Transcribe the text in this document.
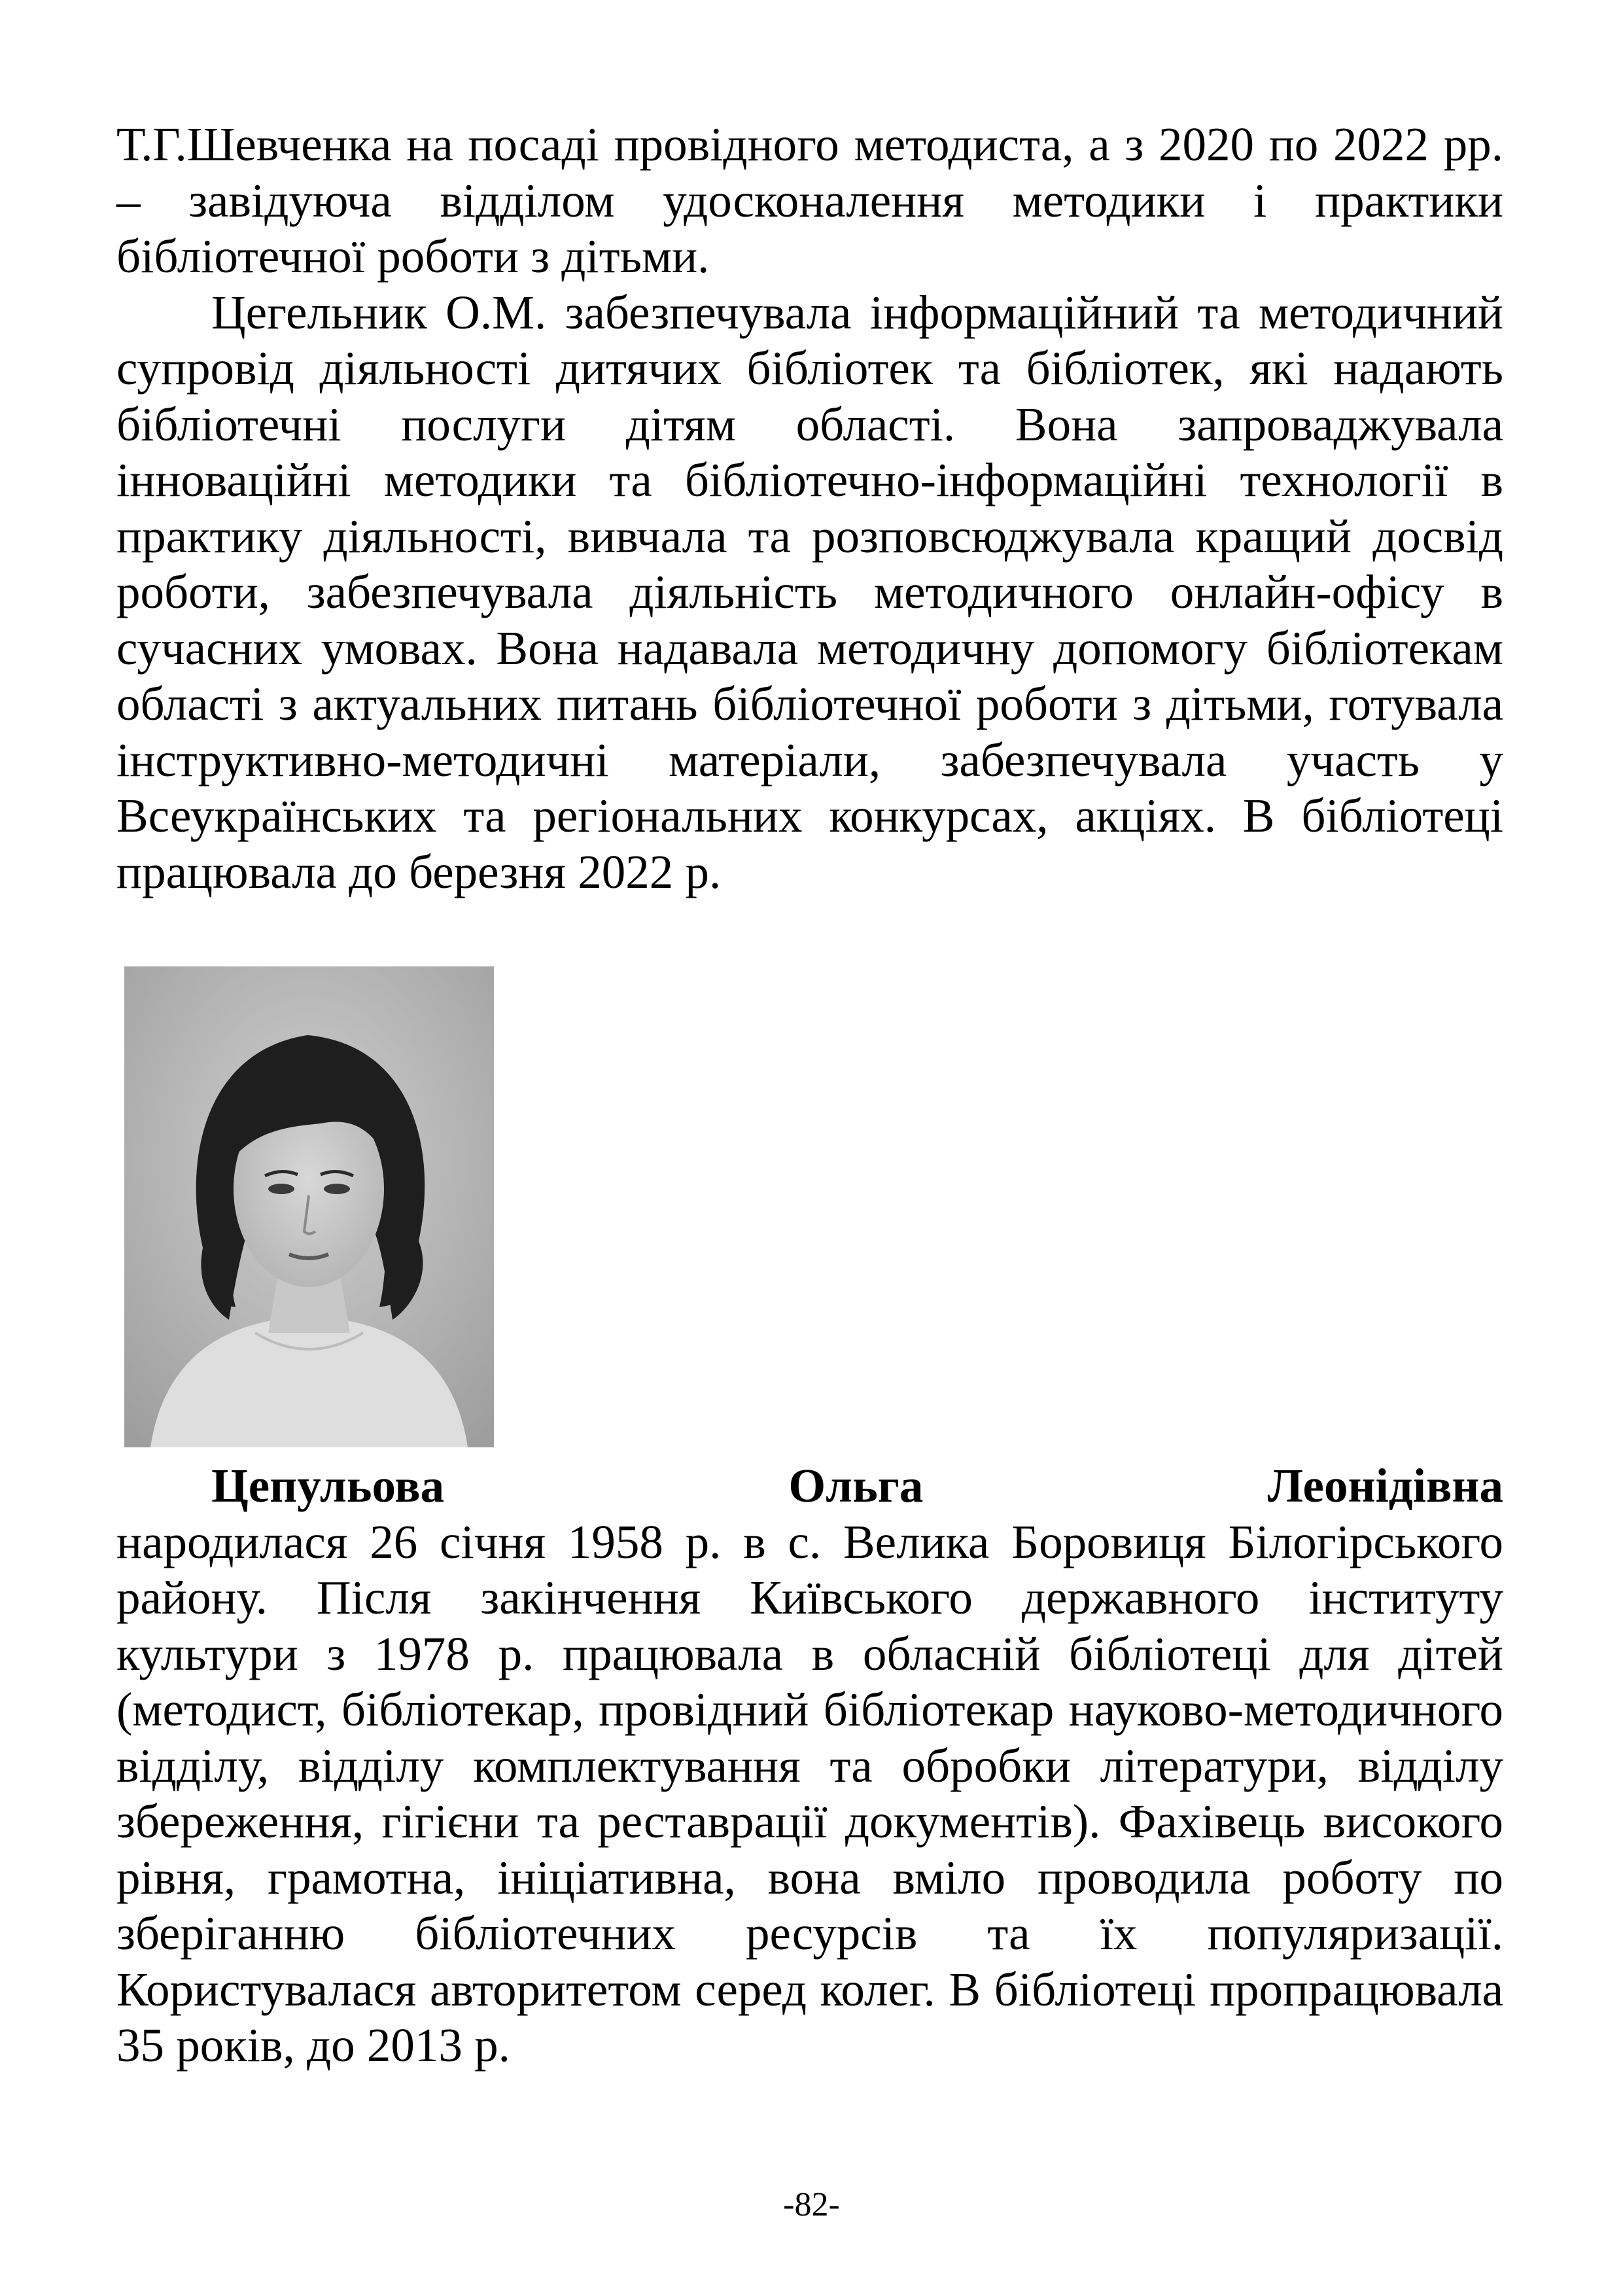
Т.Г.Шевченка на посаді провідного методиста, а з 2020 по 2022 рр. – завідуюча відділом удосконалення методики і практики бібліотечної роботи з дітьми.

Цегельник О.М. забезпечувала інформаційний та методичний супровід діяльності дитячих бібліотек та бібліотек, які надають бібліотечні послуги дітям області. Вона запроваджувала інноваційні методики та бібліотечно-інформаційні технології в практику діяльності, вивчала та розповсюджувала кращий досвід роботи, забезпечувала діяльність методичного онлайн-офісу в сучасних умовах. Вона надавала методичну допомогу бібліотекам області з актуальних питань бібліотечної роботи з дітьми, готувала інструктивно-методичні матеріали, забезпечувала участь у Всеукраїнських та регіональних конкурсах, акціях. В бібліотеці працювала до березня 2022 р.

Цепульова Ольга Леонідівна народилася 26 січня 1958 р. в с. Велика Боровиця Білогірського району. Після закінчення Київського державного інституту культури з 1978 р. працювала в обласній бібліотеці для дітей (методист, бібліотекар, провідний бібліотекар науково-методичного відділу, відділу комплектування та обробки літератури, відділу збереження, гігієни та реставрації документів). Фахівець високого рівня, грамотна, ініціативна, вона вміло проводила роботу по зберіганню бібліотечних ресурсів та їх популяризації. Користувалася авторитетом серед колег. В бібліотеці пропрацювала 35 років, до 2013 р.

-82-
